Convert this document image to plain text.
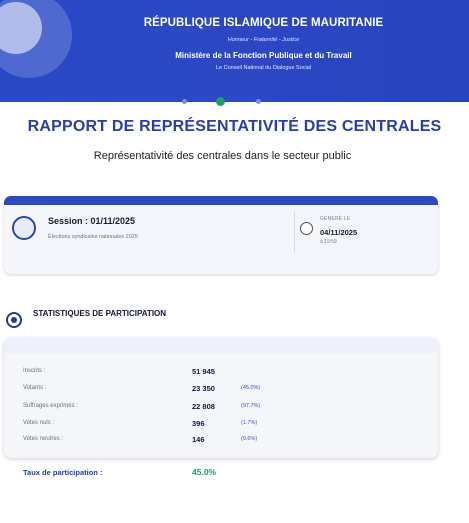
RÉPUBLIQUE ISLAMIQUE DE MAURITANIE
Honneur - Fraternité - Justice
Ministère de la Fonction Publique et du Travail
Le Conseil National du Dialogue Social
RAPPORT DE REPRÉSENTATIVITÉ DES CENTRALES
Représentativité des centrales dans le secteur public
Session : 01/11/2025
Élections syndicales nationales 2025
GÉNÉRÉ LE
04/11/2025
à 19:59
STATISTIQUES DE PARTICIPATION
Inscrits :	51 945
Votants :	23 350	(45.0%)
Suffrages exprimés :	22 808	(97.7%)
Votes nuls :	396	(1.7%)
Votes neutres :	146	(0.6%)
Taux de participation :	45.0%
